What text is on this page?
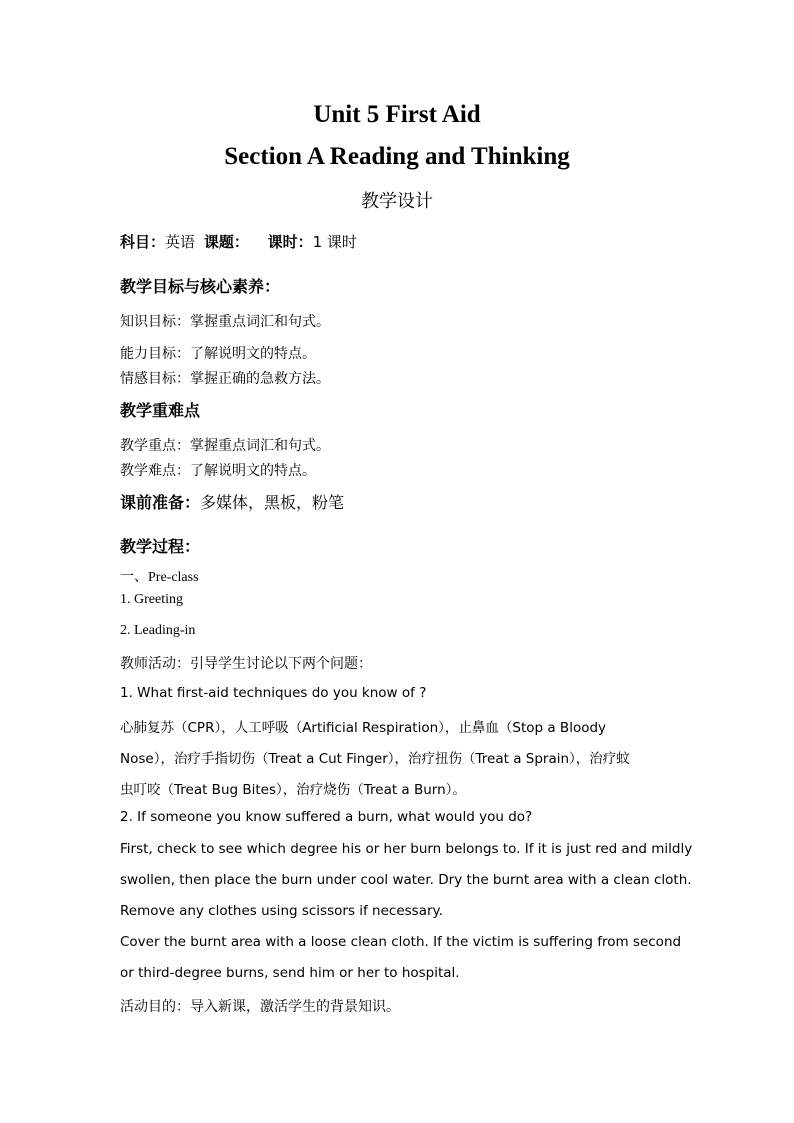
Unit 5 First Aid
Section A Reading and Thinking
教学设计
科目：英语 课题： 课时：1 课时
教学目标与核心素养：
知识目标：掌握重点词汇和句式。
能力目标：了解说明文的特点。
情感目标：掌握正确的急救方法。
教学重难点
教学重点：掌握重点词汇和句式。
教学难点：了解说明文的特点。
课前准备：多媒体，黑板，粉笔
教学过程：
一、Pre-class
1. Greeting
2. Leading-in
教师活动：引导学生讨论以下两个问题：
1. What first-aid techniques do you know of ?
心肺复苏（CPR），人工呼吸（Artificial Respiration），止鼻血（Stop a Bloody
Nose），治疗手指切伤（Treat a Cut Finger），治疗扭伤（Treat a Sprain），治疗蚊
虫叮咬（Treat Bug Bites），治疗烧伤（Treat a Burn）。
2. If someone you know suffered a burn, what would you do?
First, check to see which degree his or her burn belongs to. If it is just red and mildly
swollen, then place the burn under cool water. Dry the burnt area with a clean cloth.
Remove any clothes using scissors if necessary.
Cover the burnt area with a loose clean cloth. If the victim is suffering from second
or third-degree burns, send him or her to hospital.
活动目的：导入新课，激活学生的背景知识。
